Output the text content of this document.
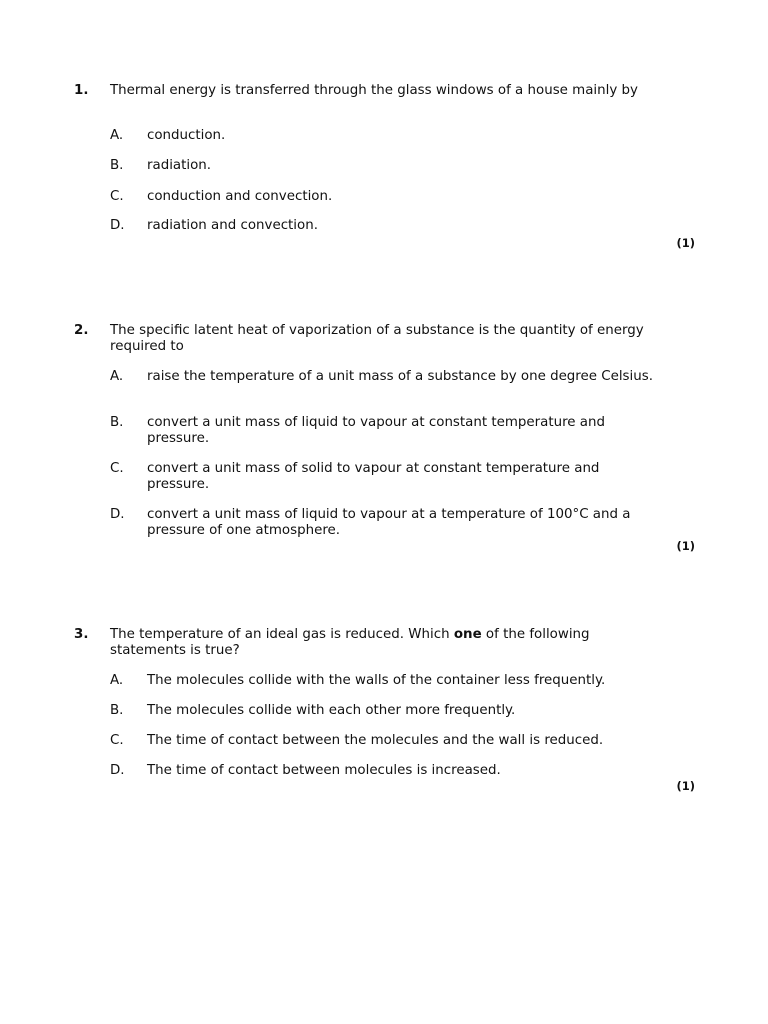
1. Thermal energy is transferred through the glass windows of a house mainly by
A. conduction.
B. radiation.
C. conduction and convection.
D. radiation and convection.
(1)
2. The specific latent heat of vaporization of a substance is the quantity of energy required to
A. raise the temperature of a unit mass of a substance by one degree Celsius.
B. convert a unit mass of liquid to vapour at constant temperature and pressure.
C. convert a unit mass of solid to vapour at constant temperature and pressure.
D. convert a unit mass of liquid to vapour at a temperature of 100°C and a pressure of one atmosphere.
(1)
3. The temperature of an ideal gas is reduced. Which one of the following statements is true?
A. The molecules collide with the walls of the container less frequently.
B. The molecules collide with each other more frequently.
C. The time of contact between the molecules and the wall is reduced.
D. The time of contact between molecules is increased.
(1)
